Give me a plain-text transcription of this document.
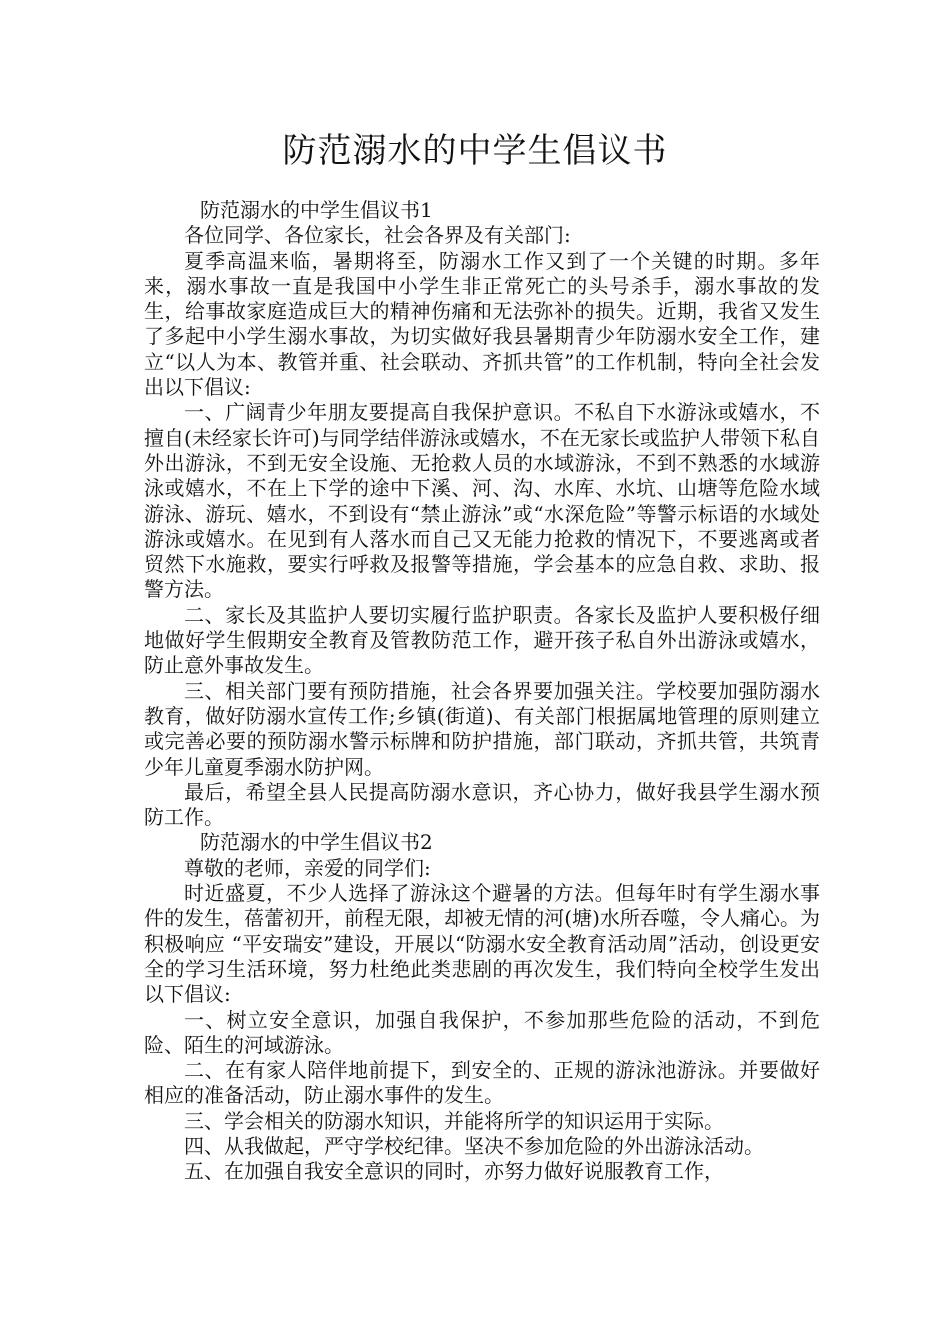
防范溺水的中学生倡议书

防范溺水的中学生倡议书1

各位同学、各位家长，社会各界及有关部门:

夏季高温来临，暑期将至，防溺水工作又到了一个关键的时期。多年来，溺水事故一直是我国中小学生非正常死亡的头号杀手，溺水事故的发生，给事故家庭造成巨大的精神伤痛和无法弥补的损失。近期，我省又发生了多起中小学生溺水事故，为切实做好我县暑期青少年防溺水安全工作，建立“以人为本、教管并重、社会联动、齐抓共管”的工作机制，特向全社会发出以下倡议:

一、广阔青少年朋友要提高自我保护意识。不私自下水游泳或嬉水，不擅自(未经家长许可)与同学结伴游泳或嬉水，不在无家长或监护人带领下私自外出游泳，不到无安全设施、无抢救人员的水域游泳，不到不熟悉的水域游泳或嬉水，不在上下学的途中下溪、河、沟、水库、水坑、山塘等危险水域游泳、游玩、嬉水，不到设有“禁止游泳”或“水深危险”等警示标语的水域处游泳或嬉水。在见到有人落水而自己又无能力抢救的情况下，不要逃离或者贸然下水施救，要实行呼救及报警等措施，学会基本的应急自救、求助、报警方法。

二、家长及其监护人要切实履行监护职责。各家长及监护人要积极仔细地做好学生假期安全教育及管教防范工作，避开孩子私自外出游泳或嬉水，防止意外事故发生。

三、相关部门要有预防措施，社会各界要加强关注。学校要加强防溺水教育，做好防溺水宣传工作;乡镇(街道)、有关部门根据属地管理的原则建立或完善必要的预防溺水警示标牌和防护措施，部门联动，齐抓共管，共筑青少年儿童夏季溺水防护网。

最后，希望全县人民提高防溺水意识，齐心协力，做好我县学生溺水预防工作。

防范溺水的中学生倡议书2

尊敬的老师，亲爱的同学们:

时近盛夏，不少人选择了游泳这个避暑的方法。但每年时有学生溺水事件的发生，蓓蕾初开，前程无限，却被无情的河(塘)水所吞噬，令人痛心。为积极响应 “平安瑞安”建设，开展以“防溺水安全教育活动周”活动，创设更安全的学习生活环境，努力杜绝此类悲剧的再次发生，我们特向全校学生发出以下倡议:

一、树立安全意识，加强自我保护，不参加那些危险的活动，不到危险、陌生的河域游泳。

二、在有家人陪伴地前提下，到安全的、正规的游泳池游泳。并要做好相应的准备活动，防止溺水事件的发生。

三、学会相关的防溺水知识，并能将所学的知识运用于实际。

四、从我做起，严守学校纪律。坚决不参加危险的外出游泳活动。

五、在加强自我安全意识的同时，亦努力做好说服教育工作，
